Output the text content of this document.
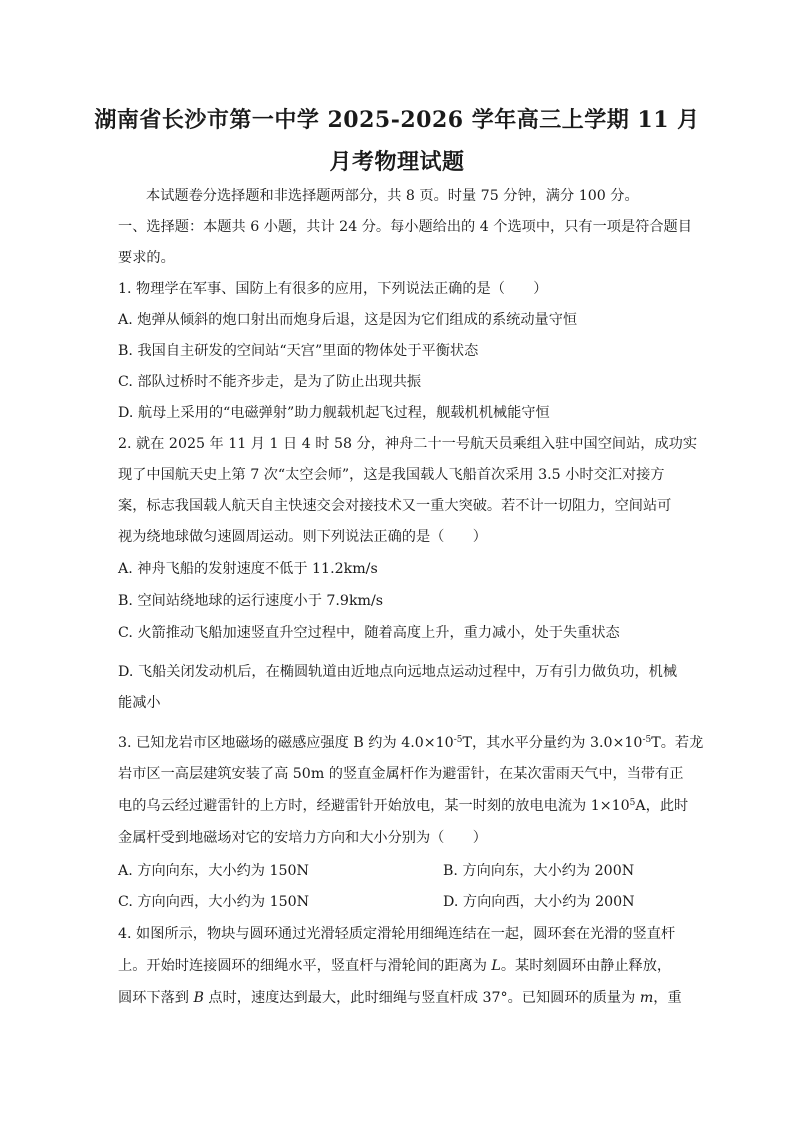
湖南省长沙市第一中学 2025-2026 学年高三上学期 11 月
月考物理试题
本试题卷分选择题和非选择题两部分，共 8 页。时量 75 分钟，满分 100 分。
一、选择题：本题共 6 小题，共计 24 分。每小题给出的 4 个选项中，只有一项是符合题目
要求的。
1. 物理学在军事、国防上有很多的应用，下列说法正确的是（　　）
A. 炮弹从倾斜的炮口射出而炮身后退，这是因为它们组成的系统动量守恒
B. 我国自主研发的空间站“天宫”里面的物体处于平衡状态
C. 部队过桥时不能齐步走，是为了防止出现共振
D. 航母上采用的“电磁弹射”助力舰载机起飞过程，舰载机机械能守恒
2. 就在 2025 年 11 月 1 日 4 时 58 分，神舟二十一号航天员乘组入驻中国空间站，成功实
现了中国航天史上第 7 次“太空会师”，这是我国载人飞船首次采用 3.5 小时交汇对接方
案，标志我国载人航天自主快速交会对接技术又一重大突破。若不计一切阻力，空间站可
视为绕地球做匀速圆周运动。则下列说法正确的是（　　）
A. 神舟飞船的发射速度不低于 11.2km/s
B. 空间站绕地球的运行速度小于 7.9km/s
C. 火箭推动飞船加速竖直升空过程中，随着高度上升，重力减小，处于失重状态
D. 飞船关闭发动机后，在椭圆轨道由近地点向远地点运动过程中，万有引力做负功，机械
能减小
3. 已知龙岩市区地磁场的磁感应强度 B 约为 $4.0\times 10^{-5}T$，其水平分量约为 $3.0\times 10^{-5}T$。若龙
岩市区一高层建筑安装了高 50m 的竖直金属杆作为避雷针，在某次雷雨天气中，当带有正
电的乌云经过避雷针的上方时，经避雷针开始放电，某一时刻的放电电流为 $1\times 10^5A$，此时
金属杆受到地磁场对它的安培力方向和大小分别为（　　）
A. 方向向东，大小约为 150N	B. 方向向东，大小约为 200N
C. 方向向西，大小约为 150N	D. 方向向西，大小约为 200N
4. 如图所示，物块与圆环通过光滑轻质定滑轮用细绳连结在一起，圆环套在光滑的竖直杆
上。开始时连接圆环的细绳水平，竖直杆与滑轮间的距离为 L。某时刻圆环由静止释放，
圆环下落到 B 点时，速度达到最大，此时细绳与竖直杆成 37°。已知圆环的质量为 m，重
